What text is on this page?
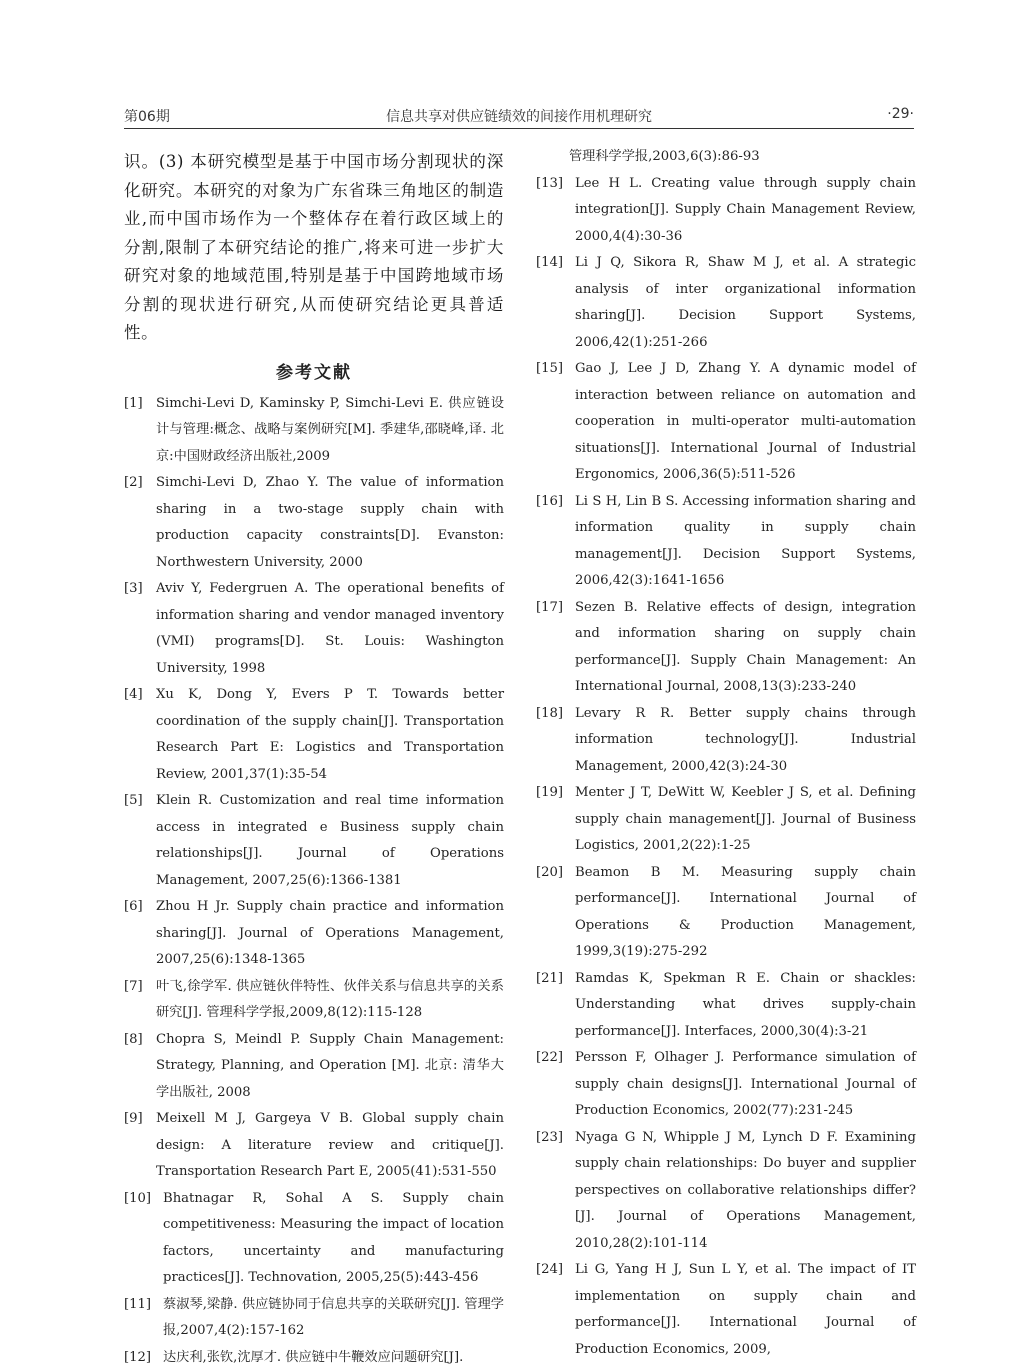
第06期	信息共享对供应链绩效的间接作用机理研究	·29·

识。(3) 本研究模型是基于中国市场分割现状的深化研究。本研究的对象为广东省珠三角地区的制造业,而中国市场作为一个整体存在着行政区域上的分割,限制了本研究结论的推广,将来可进一步扩大研究对象的地域范围,特别是基于中国跨地域市场分割的现状进行研究,从而使研究结论更具普适性。

参考文献
[1]	Simchi-Levi D, Kaminsky P, Simchi-Levi E. 供应链设计与管理:概念、战略与案例研究[M]. 季建华,邵晓峰,译. 北京:中国财政经济出版社,2009
[2]	Simchi-Levi D, Zhao Y. The value of information sharing in a two-stage supply chain with production capacity constraints[D]. Evanston: Northwestern University, 2000
[3]	Aviv Y, Federgruen A. The operational benefits of information sharing and vendor managed inventory (VMI) programs[D]. St. Louis: Washington University, 1998
[4]	Xu K, Dong Y, Evers P T. Towards better coordination of the supply chain[J]. Transportation Research Part E: Logistics and Transportation Review, 2001,37(1):35-54
[5]	Klein R. Customization and real time information access in integrated e Business supply chain relationships[J]. Journal of Operations Management, 2007,25(6):1366-1381
[6]	Zhou H Jr. Supply chain practice and information sharing[J]. Journal of Operations Management, 2007,25(6):1348-1365
[7]	叶飞,徐学军. 供应链伙伴特性、伙伴关系与信息共享的关系研究[J]. 管理科学学报,2009,8(12):115-128
[8]	Chopra S, Meindl P. Supply Chain Management: Strategy, Planning, and Operation [M]. 北京: 清华大学出版社, 2008
[9]	Meixell M J, Gargeya V B. Global supply chain design: A literature review and critique[J]. Transportation Research Part E, 2005(41):531-550
[10] Bhatnagar R, Sohal A S. Supply chain competitiveness: Measuring the impact of location factors, uncertainty and manufacturing practices[J]. Technovation, 2005,25(5):443-456
[11] 蔡淑琴,梁静. 供应链协同于信息共享的关联研究[J]. 管理学报,2007,4(2):157-162
[12] 达庆利,张钦,沈厚才. 供应链中牛鞭效应问题研究[J].

管理科学学报,2003,6(3):86-93

[13] Lee H L. Creating value through supply chain integration[J]. Supply Chain Management Review, 2000,4(4):30-36
[14] Li J Q, Sikora R, Shaw M J, et al. A strategic analysis of inter organizational information sharing[J]. Decision Support Systems, 2006,42(1):251-266
[15] Gao J, Lee J D, Zhang Y. A dynamic model of interaction between reliance on automation and cooperation in multi-operator multi-automation situations[J]. International Journal of Industrial Ergonomics, 2006,36(5):511-526
[16] Li S H, Lin B S. Accessing information sharing and information quality in supply chain management[J]. Decision Support Systems, 2006,42(3):1641-1656
[17] Sezen B. Relative effects of design, integration and information sharing on supply chain performance[J]. Supply Chain Management: An International Journal, 2008,13(3):233-240
[18] Levary R R. Better supply chains through information technology[J]. Industrial Management, 2000,42(3):24-30
[19] Menter J T, DeWitt W, Keebler J S, et al. Defining supply chain management[J]. Journal of Business Logistics, 2001,2(22):1-25
[20] Beamon B M. Measuring supply chain performance[J]. International Journal of Operations & Production Management, 1999,3(19):275-292
[21] Ramdas K, Spekman R E. Chain or shackles: Understanding what drives supply-chain performance[J]. Interfaces, 2000,30(4):3-21
[22] Persson F, Olhager J. Performance simulation of supply chain designs[J]. International Journal of Production Economics, 2002(77):231-245
[23] Nyaga G N, Whipple J M, Lynch D F. Examining supply chain relationships: Do buyer and supplier perspectives on collaborative relationships differ?[J]. Journal of Operations Management, 2010,28(2):101-114
[24] Li G, Yang H J, Sun L Y, et al. The impact of IT implementation on supply chain and performance[J]. International Journal of Production Economics, 2009,
